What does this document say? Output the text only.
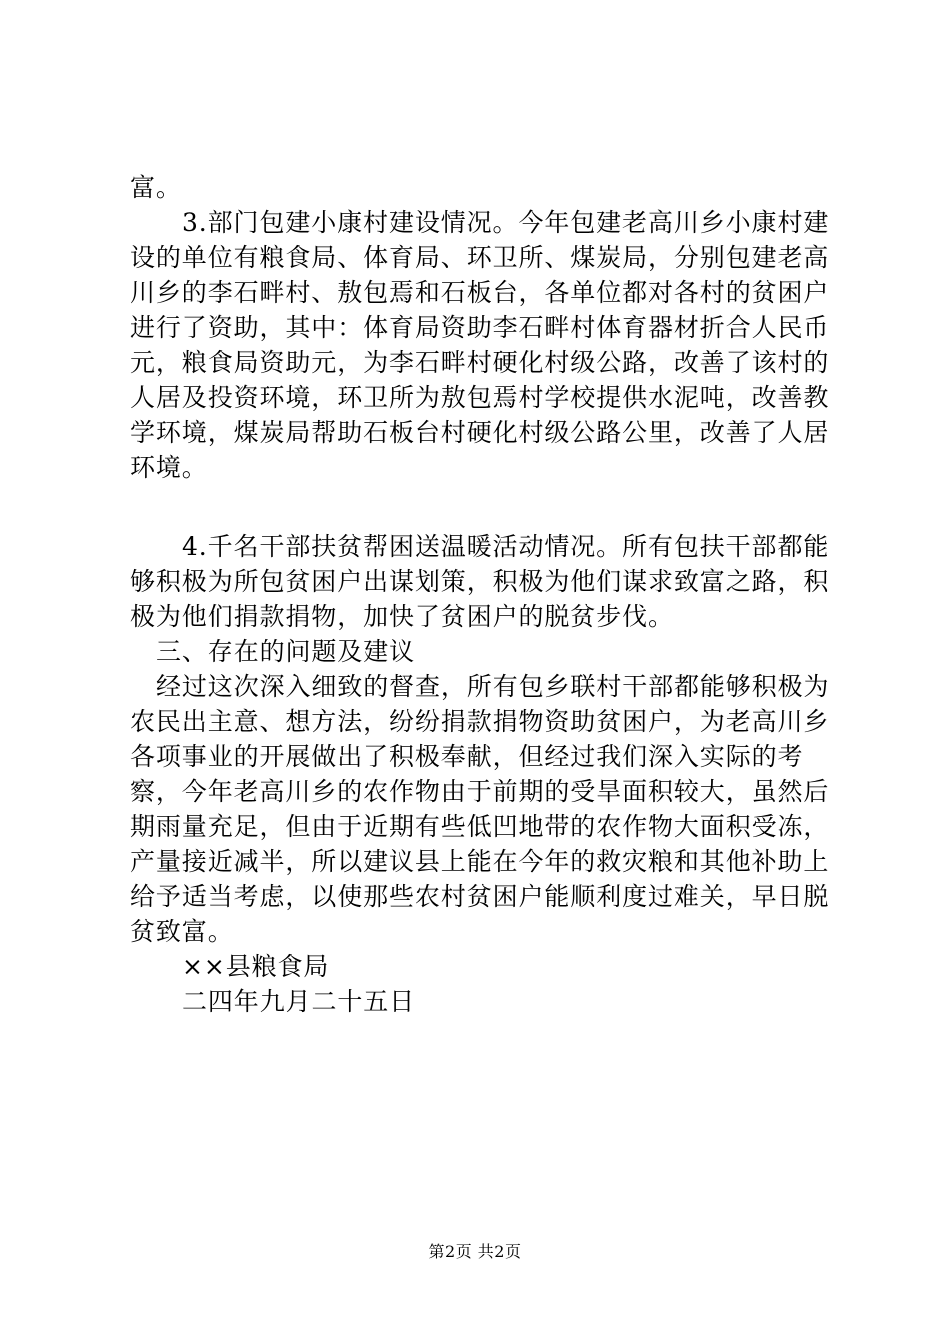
富。

3.部门包建小康村建设情况。今年包建老高川乡小康村建设的单位有粮食局、体育局、环卫所、煤炭局，分别包建老高川乡的李石畔村、敖包焉和石板台，各单位都对各村的贫困户进行了资助，其中：体育局资助李石畔村体育器材折合人民币元，粮食局资助元，为李石畔村硬化村级公路，改善了该村的人居及投资环境，环卫所为敖包焉村学校提供水泥吨，改善教学环境，煤炭局帮助石板台村硬化村级公路公里，改善了人居环境。

4.千名干部扶贫帮困送温暖活动情况。所有包扶干部都能够积极为所包贫困户出谋划策，积极为他们谋求致富之路，积极为他们捐款捐物，加快了贫困户的脱贫步伐。

三、存在的问题及建议

经过这次深入细致的督查，所有包乡联村干部都能够积极为农民出主意、想方法，纷纷捐款捐物资助贫困户，为老高川乡各项事业的开展做出了积极奉献，但经过我们深入实际的考察，今年老高川乡的农作物由于前期的受旱面积较大，虽然后期雨量充足，但由于近期有些低凹地带的农作物大面积受冻，产量接近减半，所以建议县上能在今年的救灾粮和其他补助上给予适当考虑，以使那些农村贫困户能顺利度过难关，早日脱贫致富。

××县粮食局

二四年九月二十五日

第2页 共2页
